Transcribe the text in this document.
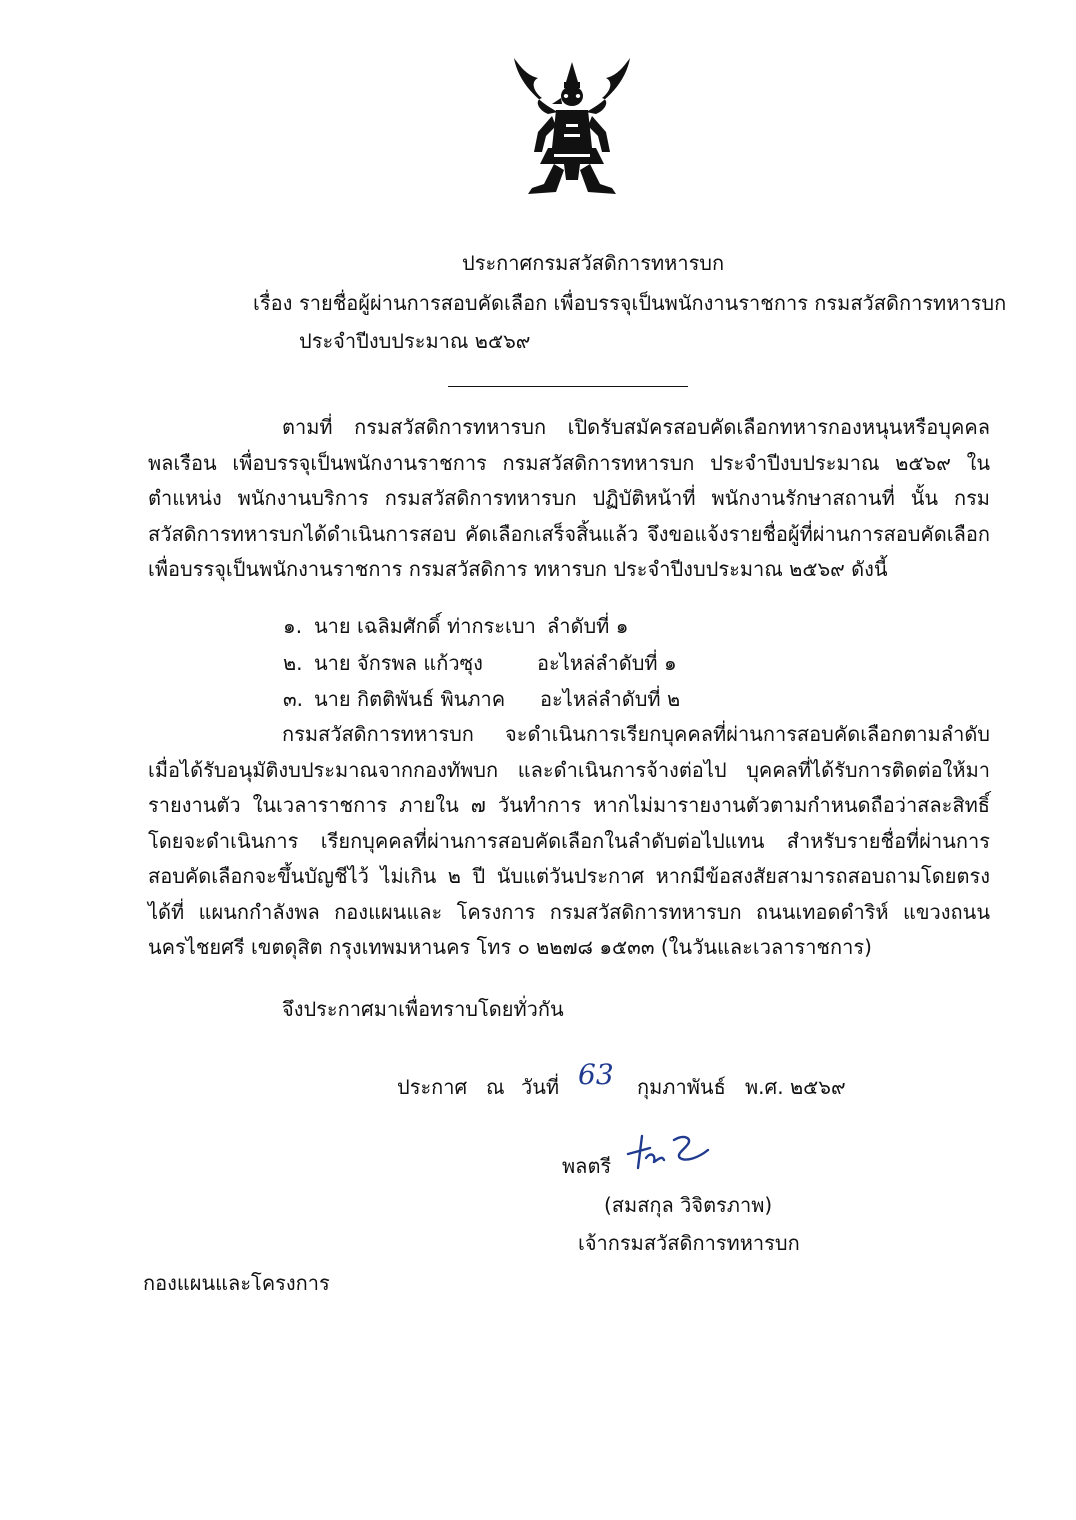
ประกาศกรมสวัสดิการทหารบก
เรื่อง รายชื่อผู้ผ่านการสอบคัดเลือก เพื่อบรรจุเป็นพนักงานราชการ กรมสวัสดิการทหารบก
ประจำปีงบประมาณ ๒๕๖๙
ตามที่ กรมสวัสดิการทหารบก เปิดรับสมัครสอบคัดเลือกทหารกองหนุนหรือบุคคลพลเรือน เพื่อบรรจุเป็นพนักงานราชการ กรมสวัสดิการทหารบก ประจำปีงบประมาณ ๒๕๖๙ ในตำแหน่ง พนักงานบริการ กรมสวัสดิการทหารบก ปฏิบัติหน้าที่ พนักงานรักษาสถานที่ นั้น กรมสวัสดิการทหารบกได้ดำเนินการสอบ คัดเลือกเสร็จสิ้นแล้ว จึงขอแจ้งรายชื่อผู้ที่ผ่านการสอบคัดเลือก เพื่อบรรจุเป็นพนักงานราชการ กรมสวัสดิการ ทหารบก ประจำปีงบประมาณ ๒๕๖๙ ดังนี้
๑. นาย เฉลิมศักดิ์ ท่ากระเบา ลำดับที่ ๑
๒. นาย จักรพล แก้วซุง	อะไหล่ลำดับที่ ๑
๓. นาย กิตติพันธ์ พินภาค อะไหล่ลำดับที่ ๒
กรมสวัสดิการทหารบก จะดำเนินการเรียกบุคคลที่ผ่านการสอบคัดเลือกตามลำดับ เมื่อได้รับอนุมัติงบประมาณจากกองทัพบก และดำเนินการจ้างต่อไป บุคคลที่ได้รับการติดต่อให้มารายงานตัว ในเวลาราชการ ภายใน ๗ วันทำการ หากไม่มารายงานตัวตามกำหนดถือว่าสละสิทธิ์ โดยจะดำเนินการ เรียกบุคคลที่ผ่านการสอบคัดเลือกในลำดับต่อไปแทน สำหรับรายชื่อที่ผ่านการสอบคัดเลือกจะขึ้นบัญชีไว้ ไม่เกิน ๒ ปี นับแต่วันประกาศ หากมีข้อสงสัยสามารถสอบถามโดยตรงได้ที่ แผนกกำลังพล กองแผนและ โครงการ กรมสวัสดิการทหารบก ถนนเทอดดำริห์ แขวงถนนนครไชยศรี เขตดุสิต กรุงเทพมหานคร โทร ๐ ๒๒๗๘ ๑๕๓๓ (ในวันและเวลาราชการ)
จึงประกาศมาเพื่อทราบโดยทั่วกัน
ประกาศ ณ วันที่ 63 กุมภาพันธ์ พ.ศ. ๒๕๖๙
พลตรี
(สมสกุล วิจิตรภาพ)
เจ้ากรมสวัสดิการทหารบก
กองแผนและโครงการ
